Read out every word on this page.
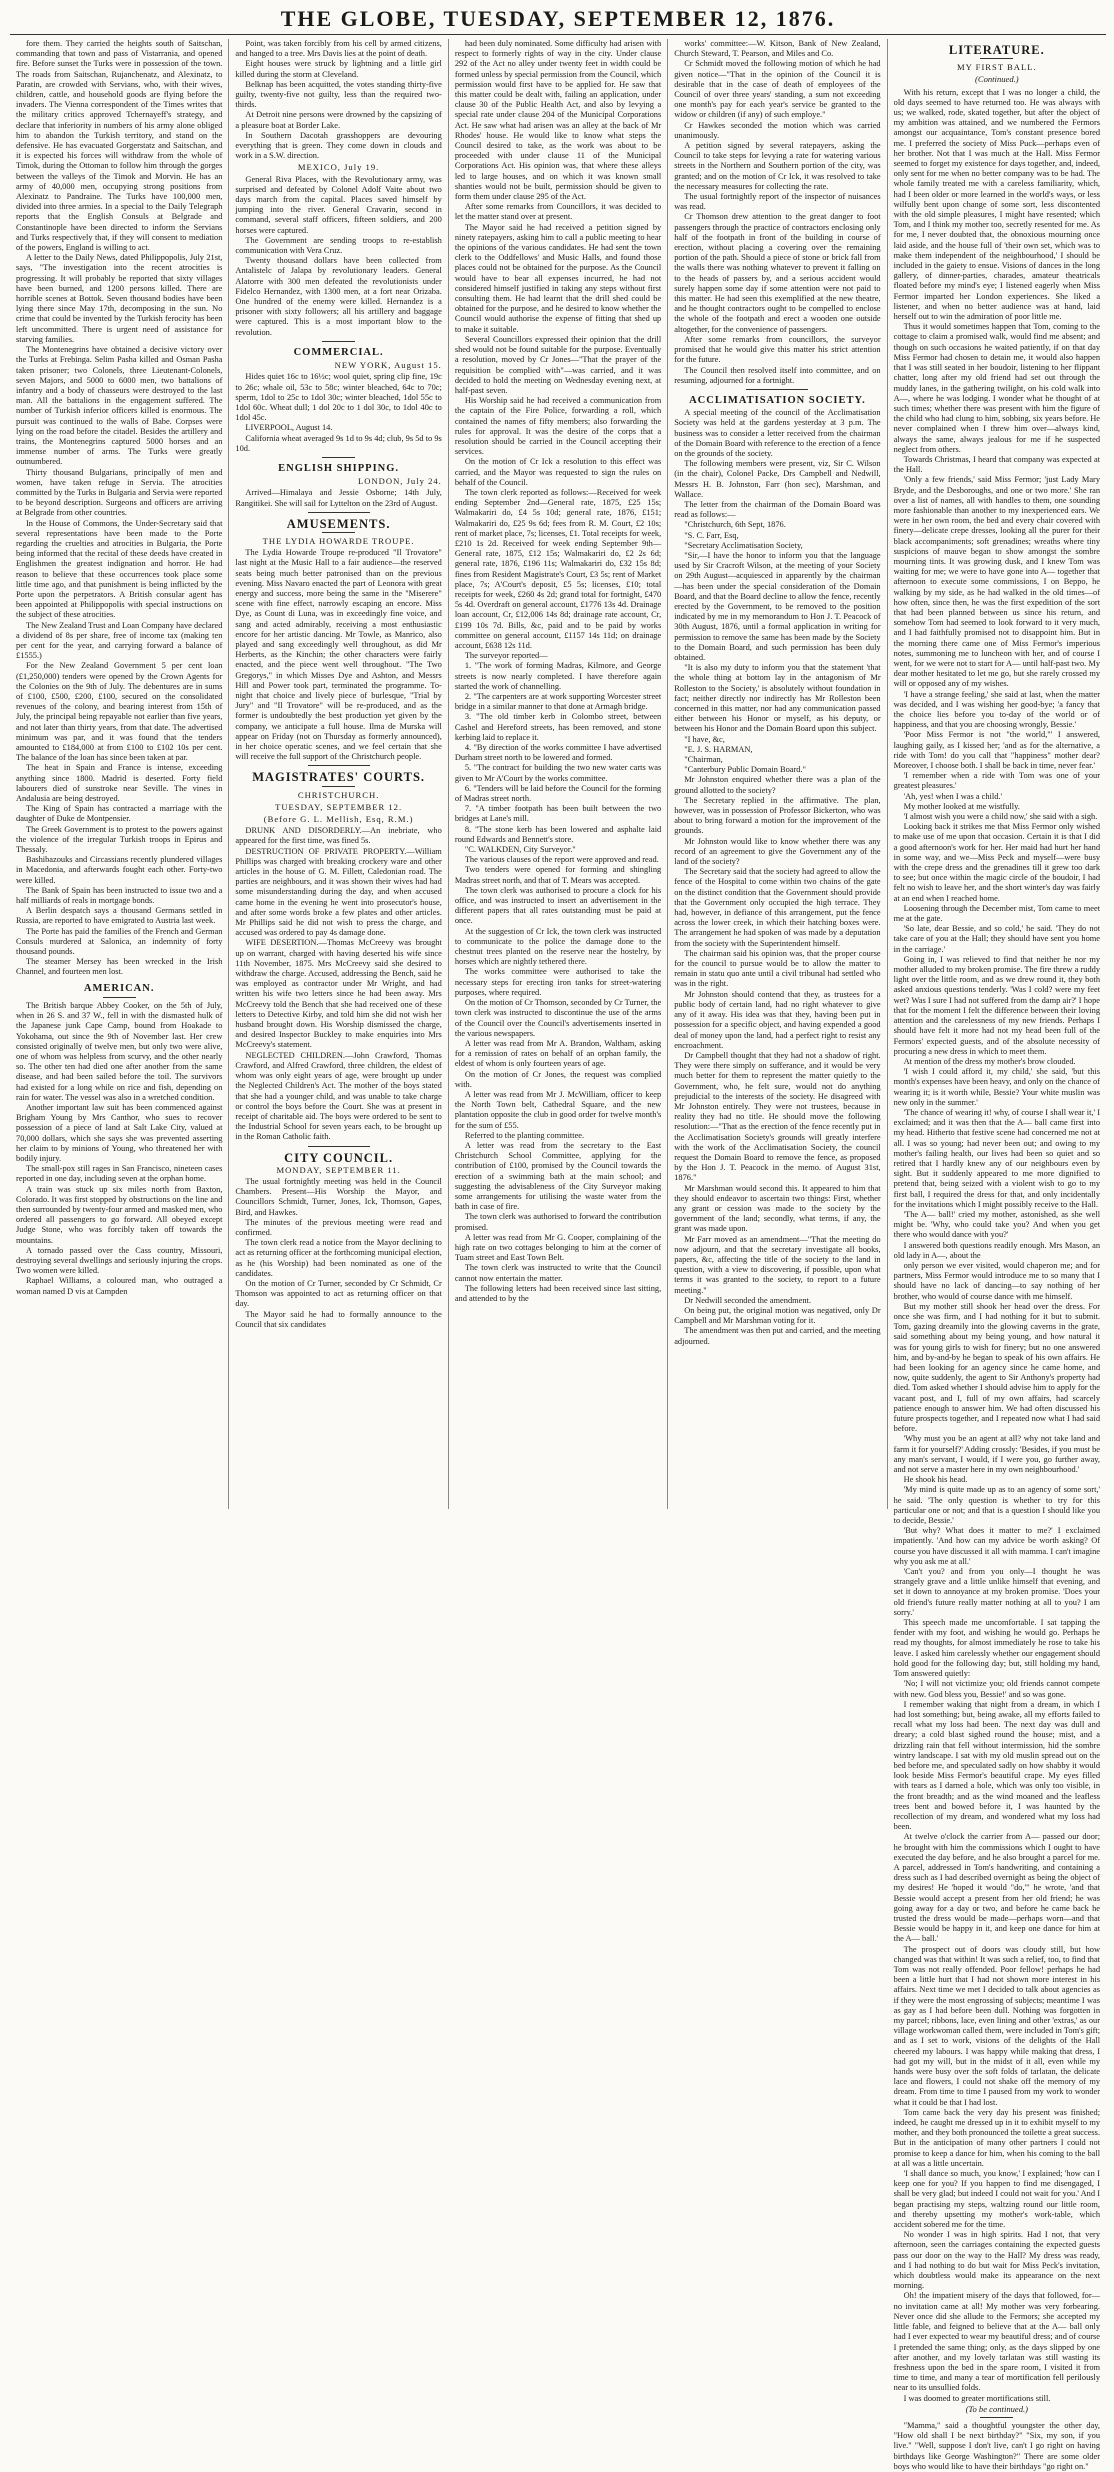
THE GLOBE, TUESDAY, SEPTEMBER 12, 1876.

fore them. They carried the heights south of Saitschan, commanding that town and pass of Vistarrania, and opened fire. Before sunset the Turks were in possession of the town. The roads from Saitschan, Rujanchenatz, and Alexinatz, to Paratin, are crowded with Servians, who, with their wives, children, cattle, and household goods are flying before the invaders. The Vienna correspondent of the Times writes that the military critics approved Tchernayeff's strategy, and declare that inferiority in numbers of his army alone obliged him to abandon the Turkish territory, and stand on the defensive. He has evacuated Gorgerstatz and Saitschan, and it is expected his forces will withdraw from the whole of Timok, during the Ottoman to follow him through the gorges between the valleys of the Timok and Morvin. He has an army of 40,000 men, occupying strong positions from Alexinatz to Pandraine. The Turks have 100,000 men, divided into three armies. In a special to the Daily Telegraph reports that the English Consuls at Belgrade and Constantinople have been directed to inform the Servians and Turks respectively that, if they will consent to mediation of the powers, England is willing to act.

A letter to the Daily News, dated Philippopolis, July 21st, says, "The investigation into the recent atrocities is progressing. It will probably be reported that sixty villages have been burned, and 1200 persons killed. There are horrible scenes at Bottok. Seven thousand bodies have been lying there since May 17th, decomposing in the sun. No crime that could be invented by the Turkish ferocity has been left uncommitted. There is urgent need of assistance for starving families.

The Montenegrins have obtained a decisive victory over the Turks at Frebinga. Selim Pasha killed and Osman Pasha taken prisoner; two Colonels, three Lieutenant-Colonels, seven Majors, and 5000 to 6000 men, two battalions of infantry and a body of chasseurs were destroyed to the last man. All the battalions in the engagement suffered. The number of Turkish inferior officers killed is enormous. The pursuit was continued to the walls of Babe. Corpses were lying on the road before the citadel. Besides the artillery and trains, the Montenegrins captured 5000 horses and an immense number of arms. The Turks were greatly outnumbered.

Thirty thousand Bulgarians, principally of men and women, have taken refuge in Servia. The atrocities committed by the Turks in Bulgaria and Servia were reported to be beyond description. Surgeons and officers are arriving at Belgrade from other countries.

In the House of Commons, the Under-Secretary said that several representations have been made to the Porte regarding the cruelties and atrocities in Bulgaria, the Porte being informed that the recital of these deeds have created in Englishmen the greatest indignation and horror. He had reason to believe that these occurrences took place some little time ago, and that punishment is being inflicted by the Porte upon the perpetrators. A British consular agent has been appointed at Philippopolis with special instructions on the subject of these atrocities.

The New Zealand Trust and Loan Company have declared a dividend of 8s per share, free of income tax (making ten per cent for the year, and carrying forward a balance of £1555.)

For the New Zealand Government 5 per cent loan (£1,250,000) tenders were opened by the Crown Agents for the Colonies on the 9th of July. The debentures are in sums of £100, £500, £200, £100, secured on the consolidated revenues of the colony, and bearing interest from 15th of July, the principal being repayable not earlier than five years, and not later than thirty years, from that date. The advertised minimum was par, and it was found that the tenders amounted to £184,000 at from £100 to £102 10s per cent. The balance of the loan has since been taken at par.

The heat in Spain and France is intense, exceeding anything since 1800. Madrid is deserted. Forty field labourers died of sunstroke near Seville. The vines in Andalusia are being destroyed.

The King of Spain has contracted a marriage with the daughter of Duke de Montpensier.

The Greek Government is to protest to the powers against the violence of the irregular Turkish troops in Epirus and Thessaly.

Bashibazouks and Circassians recently plundered villages in Macedonia, and afterwards fought each other. Forty-two were killed.

The Bank of Spain has been instructed to issue two and a half milliards of reals in mortgage bonds.

A Berlin despatch says a thousand Germans settled in Russia, are reported to have emigrated to Austria last week.

The Porte has paid the families of the French and German Consuls murdered at Salonica, an indemnity of forty thousand pounds.

The steamer Mersey has been wrecked in the Irish Channel, and fourteen men lost.

AMERICAN.

The British barque Abbey Cooker, on the 5th of July, when in 26 S. and 37 W., fell in with the dismasted hulk of the Japanese junk Cape Camp, bound from Hoakade to Yokohama, out since the 9th of November last. Her crew consisted originally of twelve men, but only two were alive, one of whom was helpless from scurvy, and the other nearly so. The other ten had died one after another from the same disease, and had been sailed before the toil. The survivors had existed for a long while on rice and fish, depending on rain for water. The vessel was also in a wretched condition.

Another important law suit has been commenced against Brigham Young by Mrs Canthor, who sues to recover possession of a piece of land at Salt Lake City, valued at 70,000 dollars, which she says she was prevented asserting her claim to by minions of Young, who threatened her with bodily injury.

The small-pox still rages in San Francisco, nineteen cases reported in one day, including seven at the orphan home.

A train was stuck up six miles north from Baxton, Colorado. It was first stopped by obstructions on the line and then surrounded by twenty-four armed and masked men, who ordered all passengers to go forward. All obeyed except Judge Stone, who was forcibly taken off towards the mountains.

A tornado passed over the Cass country, Missouri, destroying several dwellings and seriously injuring the crops. Two women were killed.

Raphael Williams, a coloured man, who outraged a woman named D vis at Campden

Point, was taken forcibly from his cell by armed citizens, and hanged to a tree. Mrs Davis lies at the point of death.

Eight houses were struck by lightning and a little girl killed during the storm at Cleveland.

Belknap has been acquitted, the votes standing thirty-five guilty, twenty-five not guilty, less than the required two-thirds.

At Detroit nine persons were drowned by the capsizing of a pleasure boat at Border Lake.

In Southern Dacotah grasshoppers are devouring everything that is green. They come down in clouds and work in a S.W. direction.

MEXICO, July 19.

General Riva Places, with the Revolutionary army, was surprised and defeated by Colonel Adolf Vaite about two days march from the capital. Places saved himself by jumping into the river. General Cravarin, second in command, several staff officers, fifteen soldiers, and 200 horses were captured.

The Government are sending troops to re-establish communication with Vera Cruz.

Twenty thousand dollars have been collected from Antalistelc of Jalapa by revolutionary leaders. General Alatorre with 300 men defeated the revolutionists under Fidelco Hernandez, with 1300 men, at a fort near Orizaba. One hundred of the enemy were killed. Hernandez is a prisoner with sixty followers; all his artillery and baggage were captured. This is a most important blow to the revolution.

COMMERCIAL.
NEW YORK, August 15.

Hides quiet 16c to 16½c; wool quiet, spring clip fine, 19c to 26c; whale oil, 53c to 58c; winter bleached, 64c to 70c; sperm, 1dol to 25c to 1dol 30c; winter bleached, 1dol 55c to 1dol 60c. Wheat dull; 1 dol 20c to 1 dol 30c, to 1dol 40c to 1dol 45c.

LIVERPOOL, August 14.

California wheat averaged 9s 1d to 9s 4d; club, 9s 5d to 9s 10d.

ENGLISH SHIPPING.
LONDON, July 24.

Arrived—Himalaya and Jessie Osborne; 14th July, Rangitikei. She will sail for Lyttelton on the 23rd of August.

AMUSEMENTS.
THE LYDIA HOWARDE TROUPE.

The Lydia Howarde Troupe re-produced "Il Trovatore" last night at the Music Hall to a fair audience—the reserved seats being much better patronised than on the previous evening. Miss Navaro enacted the part of Leonora with great energy and success, more being the same in the "Miserere" scene with fine effect, narrowly escaping an encore. Miss Dye, as Count di Luna, was in exceedingly fine voice, and sang and acted admirably, receiving a most enthusiastic encore for her artistic dancing. Mr Towle, as Manrico, also played and sang exceedingly well throughout, as did Mr Herberts, as the Kinchin; the other characters were fairly enacted, and the piece went well throughout. "The Two Gregorys," in which Misses Dye and Ashton, and Messrs Hill and Power took part, terminated the programme. To-night that choice and lively piece of burlesque, "Trial by Jury" and "Il Trovatore" will be re-produced, and as the former is undoubtedly the best production yet given by the company, we anticipate a full house. Ilma de Murska will appear on Friday (not on Thursday as formerly announced), in her choice operatic scenes, and we feel certain that she will receive the full support of the Christchurch people.

MAGISTRATES' COURTS.
CHRISTCHURCH.
TUESDAY, SEPTEMBER 12.
(Before G. L. Mellish, Esq, R.M.)

DRUNK AND DISORDERLY.—An inebriate, who appeared for the first time, was fined 5s.

DESTRUCTION OF PRIVATE PROPERTY.—William Phillips was charged with breaking crockery ware and other articles in the house of G. M. Fillett, Caledonian road. The parties are neighbours, and it was shown their wives had had some misunderstanding during the day, and when accused came home in the evening he went into prosecutor's house, and after some words broke a few plates and other articles. Mr Phillips said he did not wish to press the charge, and accused was ordered to pay 4s damage done.

WIFE DESERTION.—Thomas McCreevy was brought up on warrant, charged with having deserted his wife since 11th November, 1875. Mrs McCreevy said she desired to withdraw the charge. Accused, addressing the Bench, said he was employed as contractor under Mr Wright, and had written his wife two letters since he had been away. Mrs McCreevy told the Bench that she had received one of these letters to Detective Kirby, and told him she did not wish her husband brought down. His Worship dismissed the charge, and desired Inspector Buckley to make enquiries into Mrs McCreevy's statement.

NEGLECTED CHILDREN.—John Crawford, Thomas Crawford, and Alfred Crawford, three children, the eldest of whom was only eight years of age, were brought up under the Neglected Children's Act. The mother of the boys stated that she had a younger child, and was unable to take charge or control the boys before the Court. She was at present in receipt of charitable aid. The boys were ordered to be sent to the Industrial School for seven years each, to be brought up in the Roman Catholic faith.

CITY COUNCIL.
MONDAY, SEPTEMBER 11.

The usual fortnightly meeting was held in the Council Chambers. Present—His Worship the Mayor, and Councillors Schmidt, Turner, Jones, Ick, Thomson, Gapes, Bird, and Hawkes.

The minutes of the previous meeting were read and confirmed.

The town clerk read a notice from the Mayor declining to act as returning officer at the forthcoming municipal election, as he (his Worship) had been nominated as one of the candidates.

On the motion of Cr Turner, seconded by Cr Schmidt, Cr Thomson was appointed to act as returning officer on that day.

The Mayor said he had to formally announce to the Council that six candidates

had been duly nominated. Some difficulty had arisen with respect to formerly rights of way in the city. Under clause 292 of the Act no alley under twenty feet in width could be formed unless by special permission from the Council, which permission would first have to be applied for. He saw that this matter could be dealt with, failing an application, under clause 30 of the Public Health Act, and also by levying a special rate under clause 204 of the Municipal Corporations Act. He saw what had arisen was an alley at the back of Mr Rhodes' house. He would like to know what steps the Council desired to take, as the work was about to be proceeded with under clause 11 of the Municipal Corporations Act. His opinion was, that where these alleys led to large houses, and on which it was known small shanties would not be built, permission should be given to form them under clause 295 of the Act.

After some remarks from Councillors, it was decided to let the matter stand over at present.

The Mayor said he had received a petition signed by ninety ratepayers, asking him to call a public meeting to hear the opinions of the various candidates. He had sent the town clerk to the Oddfellows' and Music Halls, and found those places could not be obtained for the purpose. As the Council would have to bear all expenses incurred, he had not considered himself justified in taking any steps without first consulting them. He had learnt that the drill shed could be obtained for the purpose, and he desired to know whether the Council would authorise the expense of fitting that shed up to make it suitable.

Several Councillors expressed their opinion that the drill shed would not be found suitable for the purpose. Eventually a resolution, moved by Cr Jones—"That the prayer of the requisition be complied with"—was carried, and it was decided to hold the meeting on Wednesday evening next, at half-past seven.

His Worship said he had received a communication from the captain of the Fire Police, forwarding a roll, which contained the names of fifty members; also forwarding the rules for approval. It was the desire of the corps that a resolution should be carried in the Council accepting their services.

On the motion of Cr Ick a resolution to this effect was carried, and the Mayor was requested to sign the rules on behalf of the Council.

The town clerk reported as follows:—Received for week ending September 2nd—General rate, 1875, £25 15s; Walmakariri do, £4 5s 10d; general rate, 1876, £151; Walmakariri do, £25 9s 6d; fees from R. M. Court, £2 10s; rent of market place, 7s; licenses, £1. Total receipts for week, £210 1s 2d. Received for week ending September 9th—General rate, 1875, £12 15s; Walmakariri do, £2 2s 6d; general rate, 1876, £196 11s; Walmakariri do, £32 15s 8d; fines from Resident Magistrate's Court, £3 5s; rent of Market place, 7s; A'Court's deposit, £5 5s; licenses, £10; total receipts for week, £260 4s 2d; grand total for fortnight, £470 5s 4d. Overdraft on general account, £1776 13s 4d. Drainage loan account, Cr, £12,006 14s 8d; drainage rate account, Cr, £199 10s 7d. Bills, &c, paid and to be paid by works committee on general account, £1157 14s 11d; on drainage account, £638 12s 11d.

The surveyor reported—

1. "The work of forming Madras, Kilmore, and George streets is now nearly completed. I have therefore again started the work of channelling.

2. "The carpenters are at work supporting Worcester street bridge in a similar manner to that done at Armagh bridge.

3. "The old timber kerb in Colombo street, between Cashel and Hereford streets, has been removed, and stone kerbing laid to replace it.

4. "By direction of the works committee I have advertised Durham street north to be lowered and formed.

5. "The contract for building the two new water carts was given to Mr A'Court by the works committee.

6. "Tenders will be laid before the Council for the forming of Madras street north.

7. "A timber footpath has been built between the two bridges at Lane's mill.

8. "The stone kerb has been lowered and asphalte laid round Edwards and Bennett's store.

"C. WALKDEN, City Surveyor."

The various clauses of the report were approved and read.

Two tenders were opened for forming and shingling Madras street north, and that of T. Mears was accepted.

The town clerk was authorised to procure a clock for his office, and was instructed to insert an advertisement in the different papers that all rates outstanding must be paid at once.

At the suggestion of Cr Ick, the town clerk was instructed to communicate to the police the damage done to the chestnut trees planted on the reserve near the hostelry, by horses which are nightly tethered there.

The works committee were authorised to take the necessary steps for erecting iron tanks for street-watering purposes, where required.

On the motion of Cr Thomson, seconded by Cr Turner, the town clerk was instructed to discontinue the use of the arms of the Council over the Council's advertisements inserted in the various newspapers.

A letter was read from Mr A. Brandon, Waltham, asking for a remission of rates on behalf of an orphan family, the eldest of whom is only fourteen years of age.

On the motion of Cr Jones, the request was complied with.

A letter was read from Mr J. McWilliam, officer to keep the North Town belt, Cathedral Square, and the new plantation opposite the club in good order for twelve month's for the sum of £55.

Referred to the planting committee.

A letter was read from the secretary to the East Christchurch School Committee, applying for the contribution of £100, promised by the Council towards the erection of a swimming bath at the main school; and suggesting the advisableness of the City Surveyor making some arrangements for utilising the waste water from the bath in case of fire.

The town clerk was authorised to forward the contribution promised.

A letter was read from Mr G. Cooper, complaining of the high rate on two cottages belonging to him at the corner of Tuam street and East Town Belt.

The town clerk was instructed to write that the Council cannot now entertain the matter.

The following letters had been received since last sitting, and attended to by the

works' committee:—W. Kitson, Bank of New Zealand, Church Steward, T. Pearson, and Miles and Co.

Cr Schmidt moved the following motion of which he had given notice—"That in the opinion of the Council it is desirable that in the case of death of employees of the Council of over three years' standing, a sum not exceeding one month's pay for each year's service be granted to the widow or children (if any) of such employe."

Cr Hawkes seconded the motion which was carried unanimously.

A petition signed by several ratepayers, asking the Council to take steps for levying a rate for watering various streets in the Northern and Southern portion of the city, was granted; and on the motion of Cr Ick, it was resolved to take the necessary measures for collecting the rate.

The usual fortnightly report of the inspector of nuisances was read.

Cr Thomson drew attention to the great danger to foot passengers through the practice of contractors enclosing only half of the footpath in front of the building in course of erection, without placing a covering over the remaining portion of the path. Should a piece of stone or brick fall from the walls there was nothing whatever to prevent it falling on to the heads of passers by, and a serious accident would surely happen some day if some attention were not paid to this matter. He had seen this exemplified at the new theatre, and he thought contractors ought to be compelled to enclose the whole of the footpath and erect a wooden one outside altogether, for the convenience of passengers.

After some remarks from councillors, the surveyor promised that he would give this matter his strict attention for the future.

The Council then resolved itself into committee, and on resuming, adjourned for a fortnight.

ACCLIMATISATION SOCIETY.

A special meeting of the council of the Acclimatisation Society was held at the gardens yesterday at 3 p.m. The business was to consider a letter received from the chairman of the Domain Board with reference to the erection of a fence on the grounds of the society.

The following members were present, viz, Sir C. Wilson (in the chair), Colonel Packe, Drs Campbell and Nedwill, Messrs H. B. Johnston, Farr (hon sec), Marshman, and Wallace.

The letter from the chairman of the Domain Board was read as follows:—

"Christchurch, 6th Sept, 1876.

"S. C. Farr, Esq,

"Secretary Acclimatisation Society,

"Sir,—I have the honor to inform you that the language used by Sir Cracroft Wilson, at the meeting of your Society on 29th August—acquiesced in apparently by the chairman—has been under the special consideration of the Domain Board, and that the Board decline to allow the fence, recently erected by the Government, to be removed to the position indicated by me in my memorandum to Hon J. T. Peacock of 30th August, 1876, until a formal application in writing for permission to remove the same has been made by the Society to the Domain Board, and such permission has been duly obtained.

"It is also my duty to inform you that the statement 'that the whole thing at bottom lay in the antagonism of Mr Rolleston to the Society,' is absolutely without foundation in fact; neither directly nor indirectly has Mr Rolleston been concerned in this matter, nor had any communication passed either between his Honor or myself, as his deputy, or between his Honor and the Domain Board upon this subject.

"I have, &c,

"E. J. S. HARMAN,

"Chairman,

"Canterbury Public Domain Board."

Mr Johnston enquired whether there was a plan of the ground allotted to the society?

The Secretary replied in the affirmative. The plan, however, was in possession of Professor Bickerton, who was about to bring forward a motion for the improvement of the grounds.

Mr Johnston would like to know whether there was any record of an agreement to give the Government any of the land of the society?

The Secretary said that the society had agreed to allow the fence of the Hospital to come within two chains of the gate on the distinct condition that the Government should provide that the Government only occupied the high terrace. They had, however, in defiance of this arrangement, put the fence across the lower creek, in which their hatching boxes were. The arrangement he had spoken of was made by a deputation from the society with the Superintendent himself.

The chairman said his opinion was, that the proper course for the council to pursue would be to allow the matter to remain in statu quo ante until a civil tribunal had settled who was in the right.

Mr Johnston should contend that they, as trustees for a public body of certain land, had no right whatever to give any of it away. His idea was that they, having been put in possession for a specific object, and having expended a good deal of money upon the land, had a perfect right to resist any encroachment.

Dr Campbell thought that they had not a shadow of right. They were there simply on sufferance, and it would be very much better for them to represent the matter quietly to the Government, who, he felt sure, would not do anything prejudicial to the interests of the society. He disagreed with Mr Johnston entirely. They were not trustees, because in reality they had no title. He should move the following resolution:—"That as the erection of the fence recently put in the Acclimatisation Society's grounds will greatly interfere with the work of the Acclimatisation Society, the council request the Domain Board to remove the fence, as proposed by the Hon J. T. Peacock in the memo. of August 31st, 1876."

Mr Marshman would second this. It appeared to him that they should endeavor to ascertain two things: First, whether any grant or cession was made to the society by the government of the land; secondly, what terms, if any, the grant was made upon.

Mr Farr moved as an amendment—"That the meeting do now adjourn, and that the secretary investigate all books, papers, &c, affecting the title of the society to the land in question, with a view to discovering, if possible, upon what terms it was granted to the society, to report to a future meeting."

Dr Nedwill seconded the amendment.

On being put, the original motion was negatived, only Dr Campbell and Mr Marshman voting for it.

The amendment was then put and carried, and the meeting adjourned.

LITERATURE.
MY FIRST BALL.
(Continued.)

With his return, except that I was no longer a child, the old days seemed to have returned too. He was always with us; we walked, rode, skated together, but after the object of my ambition was attained, and we numbered the Fermors amongst our acquaintance, Tom's constant presence bored me. I preferred the society of Miss Puck—perhaps even of her brother. Not that I was much at the Hall. Miss Fermor seemed to forget my existence for days together, and, indeed, only sent for me when no better company was to be had. The whole family treated me with a careless familiarity, which, had I been older or more learned in the world's ways, or less wilfully bent upon change of some sort, less discontented with the old simple pleasures, I might have resented; which Tom, and I think my mother too, secretly resented for me. As for me, I never doubted that, the obnoxious mourning once laid aside, and the house full of 'their own set, which was to make them independent of the neighbourhood,' I should be included in the gaiety to ensue. Visions of dances in the long gallery, of dinner-parties, charades, amateur theatricals floated before my mind's eye; I listened eagerly when Miss Fermor imparted her London experiences. She liked a listener, and when no better audience was at hand, laid herself out to win the admiration of poor little me.

Thus it would sometimes happen that Tom, coming to the cottage to claim a promised walk, would find me absent; and though on such occasions he waited patiently, if on that day Miss Fermor had chosen to detain me, it would also happen that I was still seated in her boudoir, listening to her flippant chatter, long after my old friend had set out through the muddy lanes, in the gathering twilight, on his cold walk into A—, where he was lodging. I wonder what he thought of at such times; whether there was present with him the figure of the child who had clung to him, sobbing, six years before. He never complained when I threw him over—always kind, always the same, always jealous for me if he suspected neglect from others.

Towards Christmas, I heard that company was expected at the Hall.

'Only a few friends,' said Miss Fermor; 'just Lady Mary Bryde, and the Desboroughs, and one or two more.' She ran over a list of names, all with handles to them, one sounding more fashionable than another to my inexperienced ears. We were in her own room, the bed and every chair covered with finery—delicate crepe dresses, looking all the purer for their black accompaniments; soft grenadines; wreaths where tiny suspicions of mauve began to show amongst the sombre mourning tints. It was growing dusk, and I knew Tom was waiting for me; we were to have gone into A— together that afternoon to execute some commissions, I on Beppo, he walking by my side, as he had walked in the old times—of how often, since then, he was the first expedition of the sort that had been planned between us since his return, and somehow Tom had seemed to look forward to it very much, and I had faithfully promised not to disappoint him. But in the morning there came one of Miss Fermor's imperious notes, summoning me to luncheon with her, and of course I went, for we were not to start for A— until half-past two. My dear mother hesitated to let me go, but she rarely crossed my will or opposed any of my wishes.

'I have a strange feeling,' she said at last, when the matter was decided, and I was wishing her good-bye; 'a fancy that the choice lies before you to-day of the world or of happiness, and that you are choosing wrongly, Bessie.'

'Poor Miss Fermor is not "the world,"' I answered, laughing gaily, as I kissed her; 'and as for the alternative, a ride with Tom! do you call that "happiness" mother dear? Moreover, I choose both. I shall be back in time, never fear.'

'I remember when a ride with Tom was one of your greatest pleasures.'

'Ah, yes! when I was a child.'

My mother looked at me wistfully.

'I almost wish you were a child now,' she said with a sigh.

Looking back it strikes me that Miss Fermor only wished to make use of me upon that occasion. Certain it is that I did a good afternoon's work for her. Her maid had hurt her hand in some way, and we—Miss Peck and myself—were busy with the crepe dress and the grenadines till it grew too dark to see; but once within the magic circle of the boudoir, I had felt no wish to leave her, and the short winter's day was fairly at an end when I reached home.

Loosening through the December mist, Tom came to meet me at the gate.

'So late, dear Bessie, and so cold,' he said. 'They do not take care of you at the Hall; they should have sent you home in the carriage.'

Going in, I was relieved to find that neither he nor my mother alluded to my broken promise. The fire threw a ruddy light over the little room, and as we drew round it, they both asked anxious questions tenderly. 'Was I cold? were my feet wet? Was I sure I had not suffered from the damp air?' I hope that for the moment I felt the difference between their loving attention and the carelessness of my new friends. Perhaps I should have felt it more had not my head been full of the Fermors' expected guests, and of the absolute necessity of procuring a new dress in which to meet them.

At mention of the dress my mother's brow clouded.

'I wish I could afford it, my child,' she said, 'but this month's expenses have been heavy, and only on the chance of wearing it; is it worth while, Bessie? Your white muslin was new only in the summer.'

'The chance of wearing it! why, of course I shall wear it,' I exclaimed; and it was then that the A— ball came first into my head. Hitherto that festive scene had concerned me not at all. I was so young; had never been out; and owing to my mother's failing health, our lives had been so quiet and so retired that I hardly knew any of our neighbours even by sight. But it suddenly appeared to me more dignified to pretend that, being seized with a violent wish to go to my first ball, I required the dress for that, and only incidentally for the invitations which I might possibly receive to the Hall.

'The A— ball!' cried my mother, astonished, as she well might be. 'Why, who could take you? And when you get there who would dance with you?'

I answered both questions readily enough. Mrs Mason, an old lady in A—, about the

only person we ever visited, would chaperon me; and for partners, Miss Fermor would introduce me to so many that I should have no lack of dancing—to say nothing of her brother, who would of course dance with me himself.

But my mother still shook her head over the dress. For once she was firm, and I had nothing for it but to submit. Tom, gazing dreamily into the glowing caverns in the grate, said something about my being young, and how natural it was for young girls to wish for finery; but no one answered him, and by-and-by he began to speak of his own affairs. He had been looking for an agency since he came home, and now, quite suddenly, the agent to Sir Anthony's property had died. Tom asked whether I should advise him to apply for the vacant post, and I, full of my own affairs, had scarcely patience enough to answer him. We had often discussed his future prospects together, and I repeated now what I had said before.

'Why must you be an agent at all? why not take land and farm it for yourself?' Adding crossly: 'Besides, if you must be any man's servant, I would, if I were you, go further away, and not serve a master here in my own neighbourhood.'

He shook his head.

'My mind is quite made up as to an agency of some sort,' he said. 'The only question is whether to try for this particular one or not; and that is a question I should like you to decide, Bessie.'

'But why? What does it matter to me?' I exclaimed impatiently. 'And how can my advice be worth asking? Of course you have discussed it all with mamma. I can't imagine why you ask me at all.'

'Can't you? and from you only—I thought he was strangely grave and a little unlike himself that evening, and set it down to annoyance at my broken promise. 'Does your old friend's future really matter nothing at all to you? I am sorry.'

This speech made me uncomfortable. I sat tapping the fender with my foot, and wishing he would go. Perhaps he read my thoughts, for almost immediately he rose to take his leave. I asked him carelessly whether our engagement should hold good for the following day; but, still holding my hand, Tom answered quietly:

'No; I will not victimize you; old friends cannot compete with new. God bless you, Bessie!' and so was gone.

I remember waking that night from a dream, in which I had lost something; but, being awake, all my efforts failed to recall what my loss had been. The next day was dull and dreary; a cold blast sighed round the house; mist, and a drizzling rain that fell without intermission, hid the sombre wintry landscape. I sat with my old muslin spread out on the bed before me, and speculated sadly on how shabby it would look beside Miss Fermor's beautiful crape. My eyes filled with tears as I darned a hole, which was only too visible, in the front breadth; and as the wind moaned and the leafless trees bent and bowed before it, I was haunted by the recollection of my dream, and wondered what my loss had been.

At twelve o'clock the carrier from A— passed our door; he brought with him the commissions which I ought to have executed the day before, and he also brought a parcel for me. A parcel, addressed in Tom's handwriting, and containing a dress such as I had described overnight as being the object of my desires! He 'hoped it would "do,"' he wrote, 'and that Bessie would accept a present from her old friend; he was going away for a day or two, and before he came back he trusted the dress would be made—perhaps worn—and that Bessie would be happy in it, and keep one dance for him at the A— ball.'

The prospect out of doors was cloudy still, but how changed was that within! It was such a relief, too, to find that Tom was not really offended. Poor fellow! perhaps he had been a little hurt that I had not shown more interest in his affairs. Next time we met I decided to talk about agencies as if they were the most engrossing of subjects; meantime I was as gay as I had before been dull. Nothing was forgotten in my parcel; ribbons, lace, even lining and other 'extras,' as our village workwoman called them, were included in Tom's gift; and as I set to work, visions of the delights of the Hall cheered my labours. I was happy while making that dress, I had got my will, but in the midst of it all, even while my hands were busy over the soft folds of tarlatan, the delicate lace and flowers, I could not shake off the memory of my dream. From time to time I paused from my work to wonder what it could be that I had lost.

Tom came back the very day his present was finished; indeed, he caught me dressed up in it to exhibit myself to my mother, and they both pronounced the toilette a great success. But in the anticipation of many other partners I could not promise to keep a dance for him, when his coming to the ball at all was a little uncertain.

'I shall dance so much, you know,' I explained; 'how can I keep one for you? If you happen to find me disengaged, I shall be very glad; but indeed I could not wait for you.' And I began practising my steps, waltzing round our little room, and thereby upsetting my mother's work-table, which accident sobered me for the time.

No wonder I was in high spirits. Had I not, that very afternoon, seen the carriages containing the expected guests pass our door on the way to the Hall? My dress was ready, and I had nothing to do but wait for Miss Peck's invitation, which doubtless would make its appearance on the next morning.

Oh! the impatient misery of the days that followed, for—no invitation came at all! My mother was very forbearing. Never once did she allude to the Fermors; she accepted my little fable, and feigned to believe that at the A— ball only had I ever expected to wear my beautiful dress; and of course I pretended the same thing; only, as the days slipped by one after another, and my lovely tarlatan was still wasting its freshness upon the bed in the spare room, I visited it from time to time, and many a tear of mortification fell perilously near to its unsullied folds.

I was doomed to greater mortifications still.

(To be continued.)

"Mamma," said a thoughtful youngster the other day, "How old shall I be next birthday?" "Six, my son, if you live." "Well, suppose I don't live, can't I go right on having birthdays like George Washington?" There are some older boys who would like to have their birthdays "go right on."
